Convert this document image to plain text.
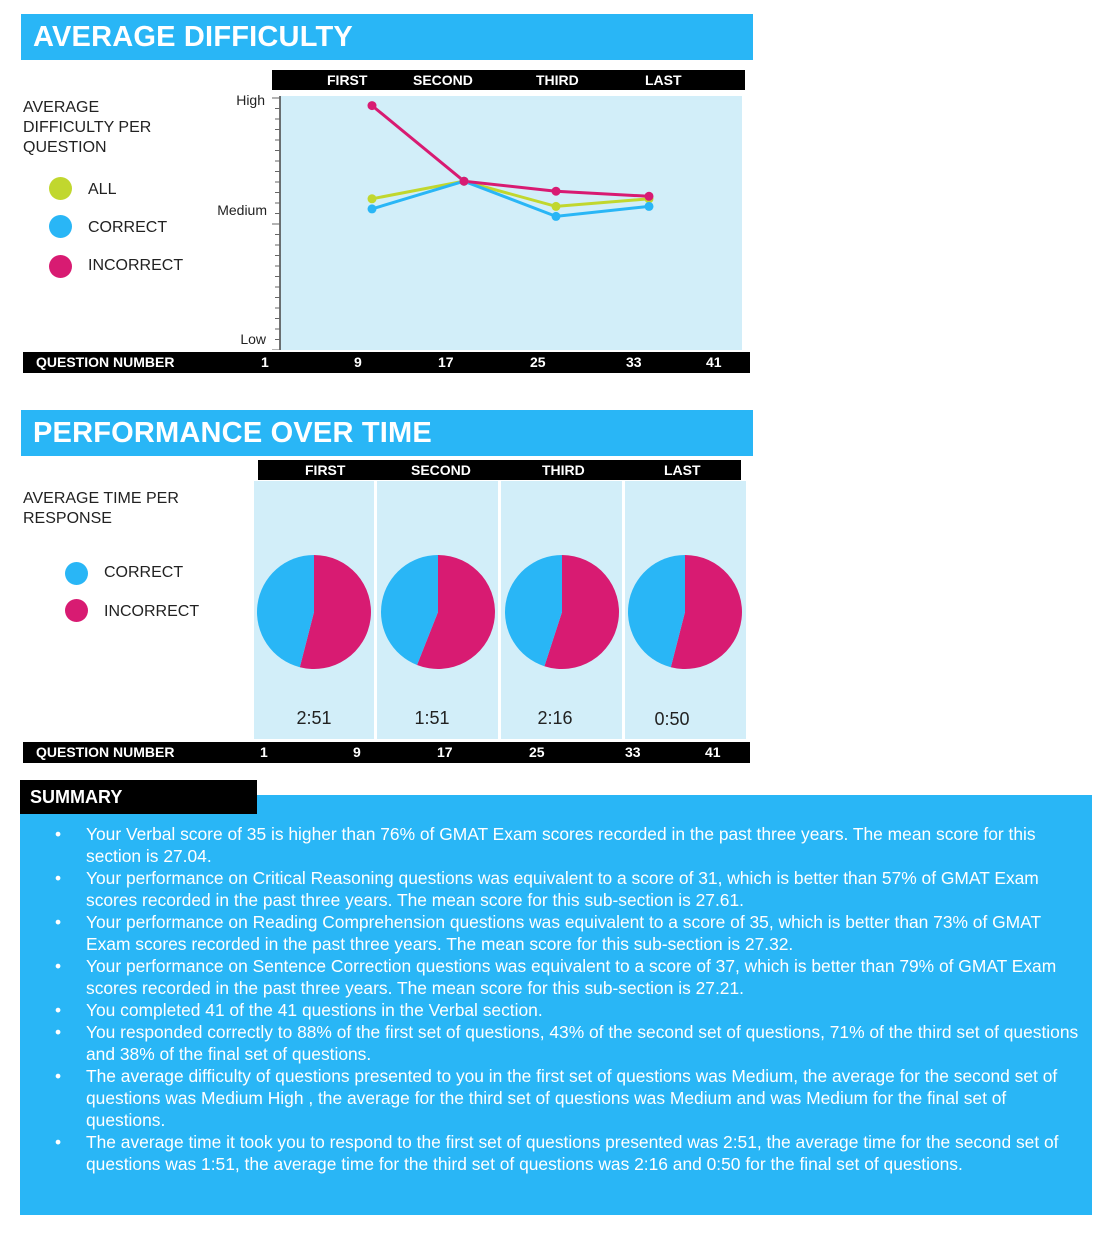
AVERAGE DIFFICULTY
FIRST	SECOND	THIRD	LAST
AVERAGE
DIFFICULTY PER
QUESTION
ALL
CORRECT
INCORRECT
High
Medium
Low
QUESTION NUMBER	1	9	17	25	33	41
PERFORMANCE OVER TIME
FIRST	SECOND	THIRD	LAST
AVERAGE TIME PER
RESPONSE
CORRECT
INCORRECT
2:51	1:51	2:16	0:50
QUESTION NUMBER	1	9	17	25	33	41
SUMMARY
• Your Verbal score of 35 is higher than 76% of GMAT Exam scores recorded in the past three years. The mean score for this section is 27.04.
• Your performance on Critical Reasoning questions was equivalent to a score of 31, which is better than 57% of GMAT Exam scores recorded in the past three years. The mean score for this sub-section is 27.61.
• Your performance on Reading Comprehension questions was equivalent to a score of 35, which is better than 73% of GMAT Exam scores recorded in the past three years. The mean score for this sub-section is 27.32.
• Your performance on Sentence Correction questions was equivalent to a score of 37, which is better than 79% of GMAT Exam scores recorded in the past three years. The mean score for this sub-section is 27.21.
• You completed 41 of the 41 questions in the Verbal section.
• You responded correctly to 88% of the first set of questions, 43% of the second set of questions, 71% of the third set of questions and 38% of the final set of questions.
• The average difficulty of questions presented to you in the first set of questions was Medium, the average for the second set of questions was Medium High , the average for the third set of questions was Medium and was Medium for the final set of questions.
• The average time it took you to respond to the first set of questions presented was 2:51, the average time for the second set of questions was 1:51, the average time for the third set of questions was 2:16 and 0:50 for the final set of questions.
